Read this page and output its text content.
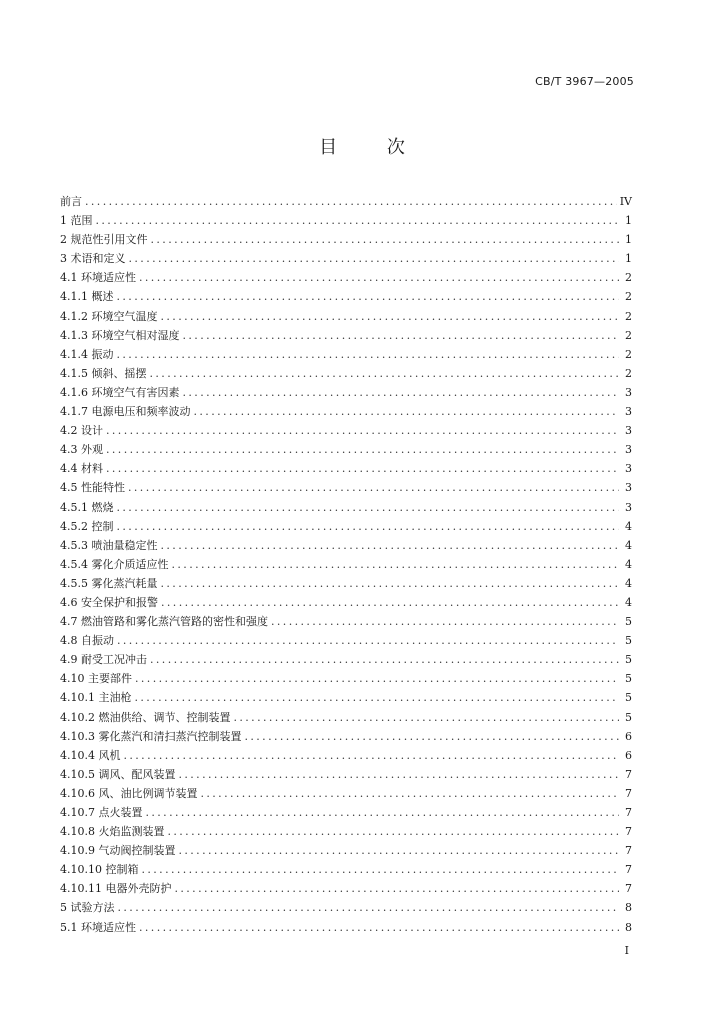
CB/T 3967—2005
目 次
前言 .....	IV
1 范围 .....	1
2 规范性引用文件 .....	1
3 术语和定义 .....	1
4.1 环境适应性 .....	2
4.1.1 概述 .....	2
4.1.2 环境空气温度 .....	2
4.1.3 环境空气相对湿度 .....	2
4.1.4 振动 .....	2
4.1.5 倾斜、摇摆 .....	2
4.1.6 环境空气有害因素 .....	3
4.1.7 电源电压和频率波动 .....	3
4.2 设计 .....	3
4.3 外观 .....	3
4.4 材料 .....	3
4.5 性能特性 .....	3
4.5.1 燃烧 .....	3
4.5.2 控制 .....	4
4.5.3 喷油量稳定性 .....	4
4.5.4 雾化介质适应性 .....	4
4.5.5 雾化蒸汽耗量 .....	4
4.6 安全保护和报警 .....	4
4.7 燃油管路和雾化蒸汽管路的密性和强度 .....	5
4.8 自振动 .....	5
4.9 耐受工况冲击 .....	5
4.10 主要部件 .....	5
4.10.1 主油枪 .....	5
4.10.2 燃油供给、调节、控制装置 .....	5
4.10.3 雾化蒸汽和清扫蒸汽控制装置 .....	6
4.10.4 风机 .....	6
4.10.5 调风、配风装置 .....	7
4.10.6 风、油比例调节装置 .....	7
4.10.7 点火装置 .....	7
4.10.8 火焰监测装置 .....	7
4.10.9 气动阀控制装置 .....	7
4.10.10 控制箱 .....	7
4.10.11 电器外壳防护 .....	7
5 试验方法 .....	8
5.1 环境适应性 .....	8
I
